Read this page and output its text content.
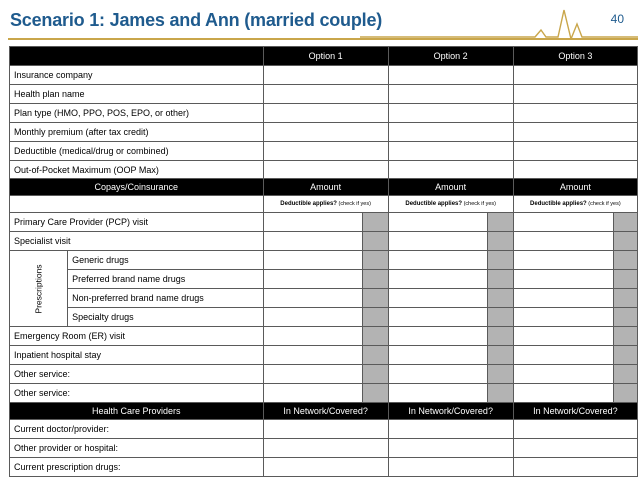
Scenario 1: James and Ann (married couple)	40
		Option 1		Option 2		Option 3	
Insurance company							
Health plan name							
Plan type (HMO, PPO, POS, EPO, or other)							
Monthly premium (after tax credit)							
Deductible (medical/drug or combined)							
Out-of-Pocket Maximum (OOP Max)							
Copays/Coinsurance		Amount		Amount		Amount	
		Deductible applies? (check if yes)		Deductible applies? (check if yes)		Deductible applies? (check if yes)	
Primary Care Provider (PCP) visit							
Specialist visit							
Prescriptions	Generic drugs						
	Preferred brand name drugs						
	Non-preferred brand name drugs						
	Specialty drugs						
Emergency Room (ER) visit							
Inpatient hospital stay							
Other service:							
Other service:							
Health Care Providers		In Network/Covered?		In Network/Covered?		In Network/Covered?	
Current doctor/provider:							
Other provider or hospital:							
Current prescription drugs:							
